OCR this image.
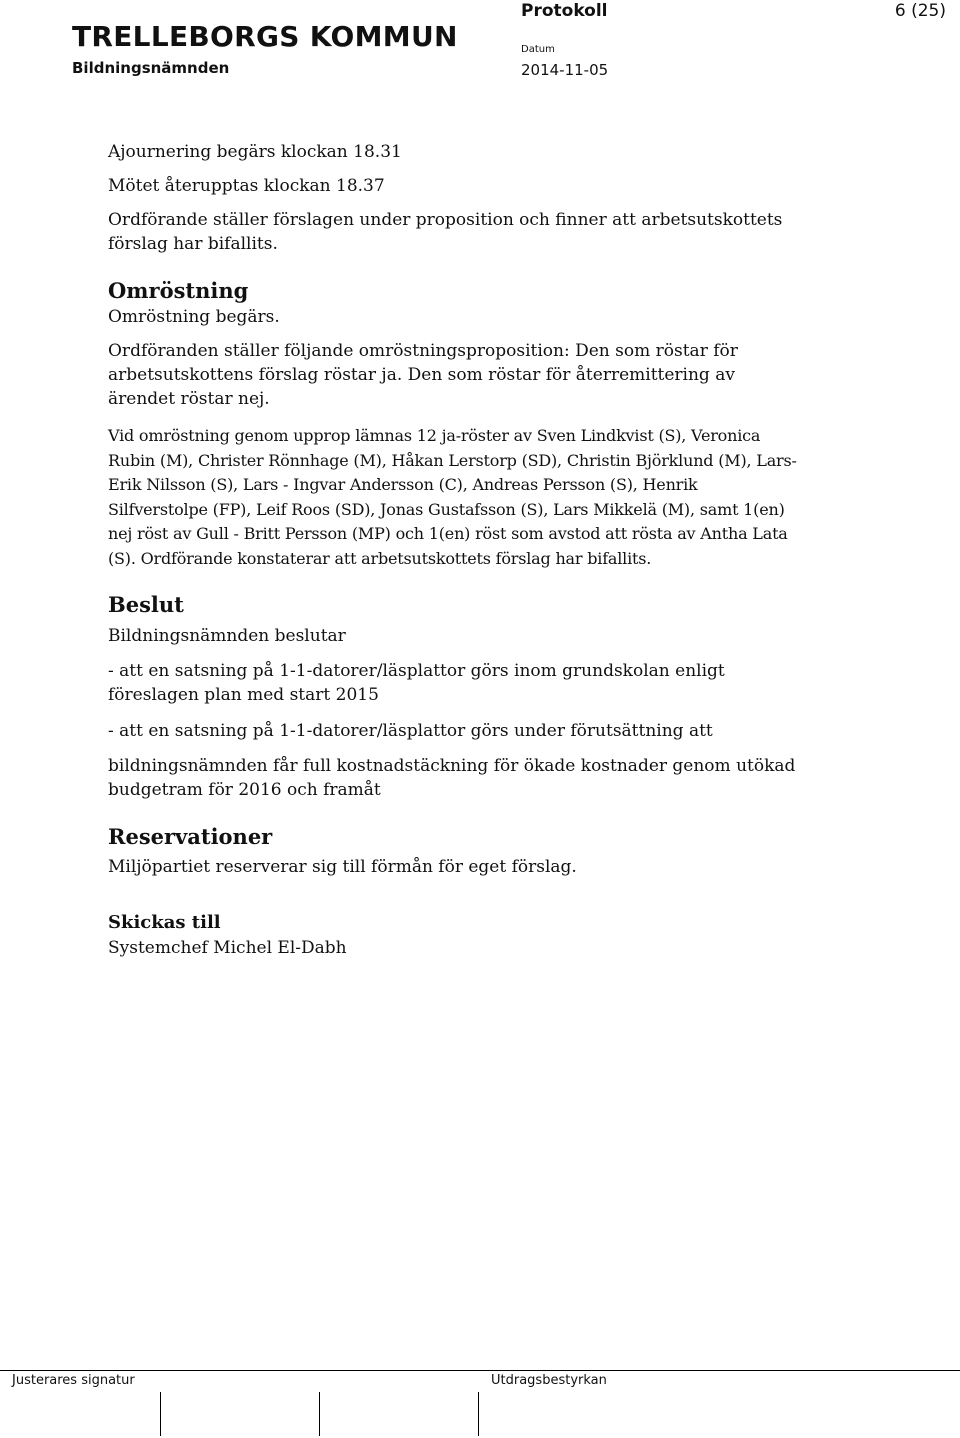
TRELLEBORGS KOMMUN
Bildningsnämnden
Protokoll	6 (25)
Datum
2014-11-05

Ajournering begärs klockan 18.31

Mötet återupptas klockan 18.37

Ordförande ställer förslagen under proposition och finner att arbetsutskottets förslag har bifallits.

Omröstning

Omröstning begärs.

Ordföranden ställer följande omröstningsproposition: Den som röstar för arbetsutskottens förslag röstar ja. Den som röstar för återremittering av ärendet röstar nej.

Vid omröstning genom upprop lämnas 12 ja-röster av Sven Lindkvist (S), Veronica Rubin (M), Christer Rönnhage (M), Håkan Lerstorp (SD), Christin Björklund (M), Lars-Erik Nilsson (S), Lars - Ingvar Andersson (C), Andreas Persson (S), Henrik Silfverstolpe (FP), Leif Roos (SD), Jonas Gustafsson (S), Lars Mikkelä (M), samt 1(en) nej röst av Gull - Britt Persson (MP) och 1(en) röst som avstod att rösta av Antha Lata (S). Ordförande konstaterar att arbetsutskottets förslag har bifallits.

Beslut

Bildningsnämnden beslutar

- att en satsning på 1-1-datorer/läsplattor görs inom grundskolan enligt föreslagen plan med start 2015

- att en satsning på 1-1-datorer/läsplattor görs under förutsättning att

bildningsnämnden får full kostnadstäckning för ökade kostnader genom utökad budgetram för 2016 och framåt

Reservationer

Miljöpartiet reserverar sig till förmån för eget förslag.

Skickas till

Systemchef Michel El-Dabh

Justerares signatur	Utdragsbestyrkan
